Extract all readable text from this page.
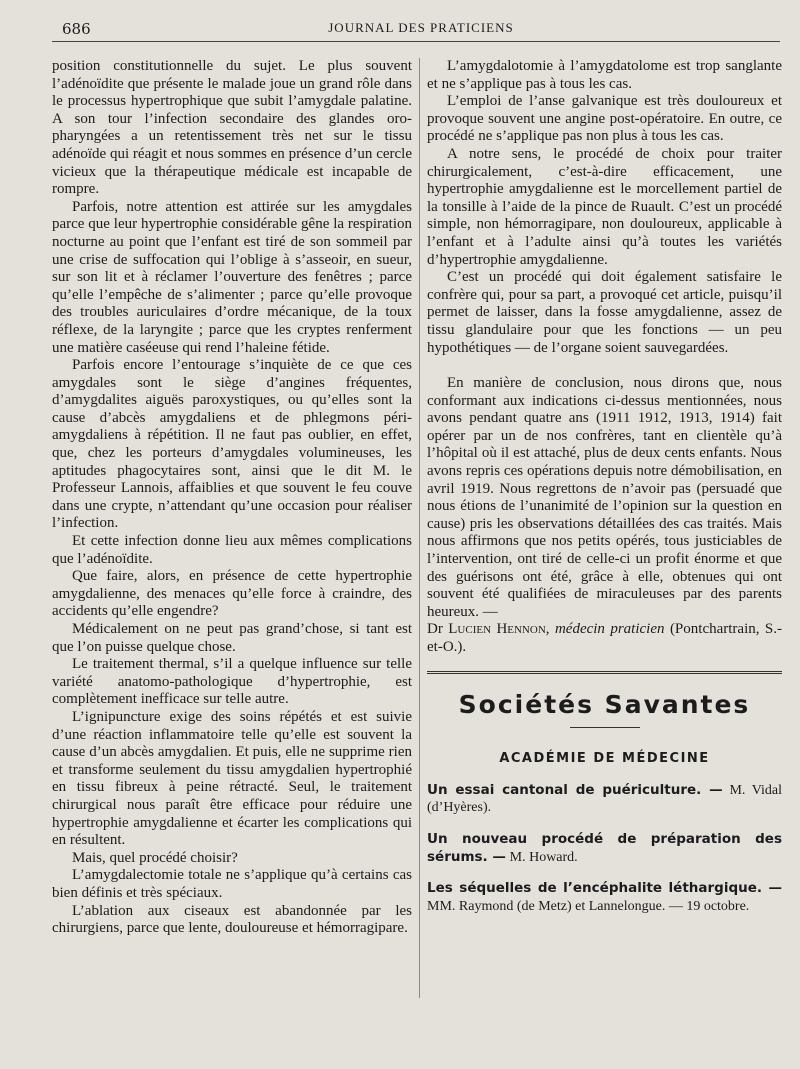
686	JOURNAL DES PRATICIENS

position constitutionnelle du sujet. Le plus souvent l’adénoïdite que présente le malade joue un grand rôle dans le processus hypertrophique que subit l’amygdale palatine. A son tour l’infection secondaire des glandes oro-pharyngées a un retentissement très net sur le tissu adénoïde qui réagit et nous sommes en présence d’un cercle vicieux que la thérapeutique médicale est incapable de rompre.

Parfois, notre attention est attirée sur les amygdales parce que leur hypertrophie considérable gêne la respiration nocturne au point que l’enfant est tiré de son sommeil par une crise de suffocation qui l’oblige à s’asseoir, en sueur, sur son lit et à réclamer l’ouverture des fenêtres ; parce qu’elle l’empêche de s’alimenter ; parce qu’elle provoque des troubles auriculaires d’ordre mécanique, de la toux réflexe, de la laryngite ; parce que les cryptes renferment une matière caséeuse qui rend l’haleine fétide.

Parfois encore l’entourage s’inquiète de ce que ces amygdales sont le siège d’angines fréquentes, d’amygdalites aiguës paroxystiques, ou qu’elles sont la cause d’abcès amygdaliens et de phlegmons péri-amygdaliens à répétition. Il ne faut pas oublier, en effet, que, chez les porteurs d’amygdales volumineuses, les aptitudes phagocytaires sont, ainsi que le dit M. le Professeur Lannois, affaiblies et que souvent le feu couve dans une crypte, n’attendant qu’une occasion pour réaliser l’infection.

Et cette infection donne lieu aux mêmes complications que l’adénoïdite.

Que faire, alors, en présence de cette hypertrophie amygdalienne, des menaces qu’elle force à craindre, des accidents qu’elle engendre?

Médicalement on ne peut pas grand’chose, si tant est que l’on puisse quelque chose.

Le traitement thermal, s’il a quelque influence sur telle variété anatomo-pathologique d’hypertrophie, est complètement inefficace sur telle autre.

L’ignipuncture exige des soins répétés et est suivie d’une réaction inflammatoire telle qu’elle est souvent la cause d’un abcès amygdalien. Et puis, elle ne supprime rien et transforme seulement du tissu amygdalien hypertrophié en tissu fibreux à peine rétracté. Seul, le traitement chirurgical nous paraît être efficace pour réduire une hypertrophie amygdalienne et écarter les complications qui en résultent.

Mais, quel procédé choisir?

L’amygdalectomie totale ne s’applique qu’à certains cas bien définis et très spéciaux.

L’ablation aux ciseaux est abandonnée par les chirurgiens, parce que lente, douloureuse et hémorragipare.

L’amygdalotomie à l’amygdatolome est trop sanglante et ne s’applique pas à tous les cas.

L’emploi de l’anse galvanique est très douloureux et provoque souvent une angine post-opératoire. En outre, ce procédé ne s’applique pas non plus à tous les cas.

A notre sens, le procédé de choix pour traiter chirurgicalement, c’est-à-dire efficacement, une hypertrophie amygdalienne est le morcellement partiel de la tonsille à l’aide de la pince de Ruault. C’est un procédé simple, non hémorragipare, non douloureux, applicable à l’enfant et à l’adulte ainsi qu’à toutes les variétés d’hypertrophie amygdalienne.

C’est un procédé qui doit également satisfaire le confrère qui, pour sa part, a provoqué cet article, puisqu’il permet de laisser, dans la fosse amygdalienne, assez de tissu glandulaire pour que les fonctions — un peu hypothétiques — de l’organe soient sauvegardées.

En manière de conclusion, nous dirons que, nous conformant aux indications ci-dessus mentionnées, nous avons pendant quatre ans (1911 1912, 1913, 1914) fait opérer par un de nos confrères, tant en clientèle qu’à l’hôpital où il est attaché, plus de deux cents enfants. Nous avons repris ces opérations depuis notre démobilisation, en avril 1919. Nous regrettons de n’avoir pas (persuadé que nous étions de l’unanimité de l’opinion sur la question en cause) pris les observations détaillées des cas traités. Mais nous affirmons que nos petits opérés, tous justiciables de l’intervention, ont tiré de celle-ci un profit énorme et que des guérisons ont été, grâce à elle, obtenues qui ont souvent été qualifiées de miraculeuses par des parents heureux. —

Dr Lucien Hennon, médecin praticien (Pontchartrain, S.-et-O.).

Sociétés Savantes
ACADÉMIE DE MÉDECINE
Un essai cantonal de puériculture. — M. Vidal (d’Hyères).
Un nouveau procédé de préparation des sérums. — M. Howard.
Les séquelles de l’encéphalite léthargique. — MM. Raymond (de Metz) et Lannelongue. — 19 octobre.
